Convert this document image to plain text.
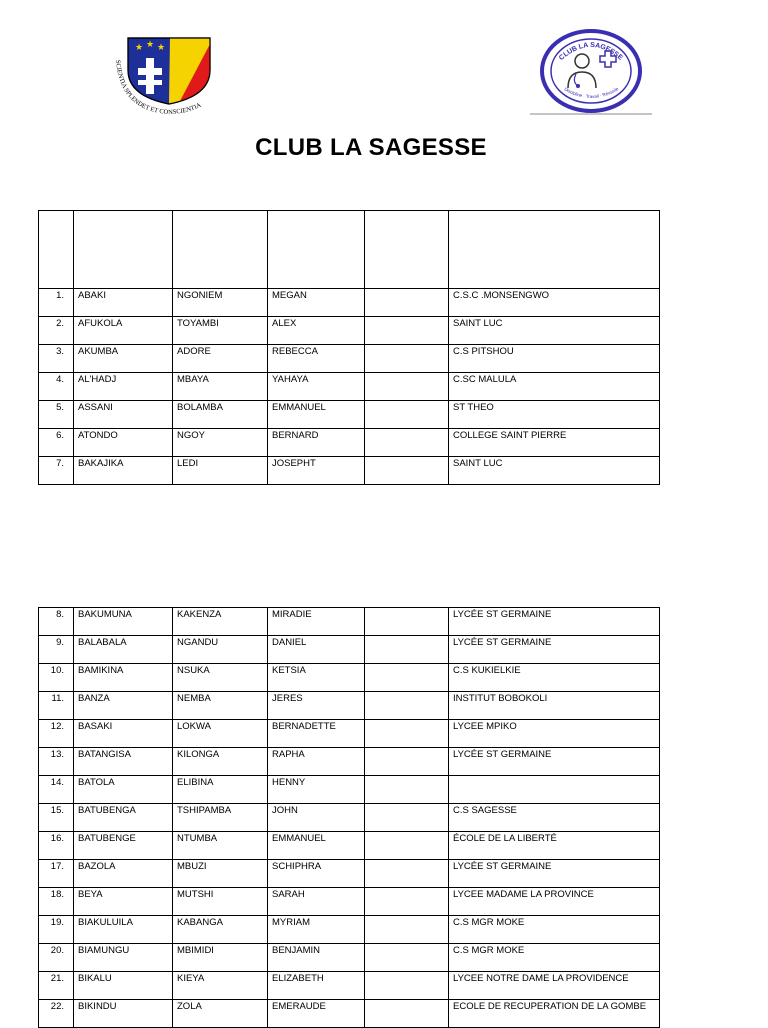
★ ★ ★
SCIENTIA SPLENDET ET CONSCIENTIA
CLUB LA SAGESSE
Discipline · Travail · Réussite
CLUB LA SAGESSE

1.	ABAKI	NGONIEM	MEGAN		C.S.C .MONSENGWO
2.	AFUKOLA	TOYAMBI	ALEX		SAINT LUC
3.	AKUMBA	ADORE	REBECCA		C.S PITSHOU
4.	AL'HADJ	MBAYA	YAHAYA		C.SC MALULA
5.	ASSANI	BOLAMBA	EMMANUEL		ST THEO
6.	ATONDO	NGOY	BERNARD		COLLEGE SAINT PIERRE
7.	BAKAJIKA	LEDI	JOSEPHT		SAINT LUC
8.	BAKUMUNA	KAKENZA	MIRADIE		LYCÉE ST GERMAINE
9.	BALABALA	NGANDU	DANIEL		LYCÉE ST GERMAINE
10.	BAMIKINA	NSUKA	KETSIA		C.S KUKIELKIE
11.	BANZA	NEMBA	JERES		INSTITUT BOBOKOLI
12.	BASAKI	LOKWA	BERNADETTE		LYCEE MPIKO
13.	BATANGISA	KILONGA	RAPHA		LYCÉE ST GERMAINE
14.	BATOLA	ELIBINA	HENNY		
15.	BATUBENGA	TSHIPAMBA	JOHN		C.S SAGESSE
16.	BATUBENGE	NTUMBA	EMMANUEL		ÉCOLE DE LA LIBERTÉ
17.	BAZOLA	MBUZI	SCHIPHRA		LYCÉE ST GERMAINE
18.	BEYA	MUTSHI	SARAH		LYCEE MADAME LA PROVINCE
19.	BIAKULUILA	KABANGA	MYRIAM		C.S MGR MOKE
20.	BIAMUNGU	MBIMIDI	BENJAMIN		C.S MGR MOKE
21.	BIKALU	KIEYA	ELIZABETH		LYCEE NOTRE DAME LA PROVIDENCE
22.	BIKINDU	ZOLA	EMERAUDE		ECOLE DE RECUPERATION DE LA GOMBE
